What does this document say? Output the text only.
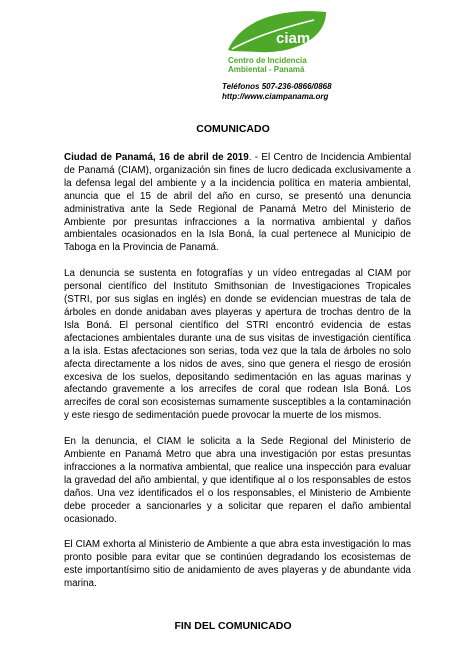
ciam
Centro de Incidencia
Ambiental - Panamá
Teléfonos 507-236-0866/0868
http://www.ciampanama.org
COMUNICADO

Ciudad de Panamá, 16 de abril de 2019. - El Centro de Incidencia Ambiental de Panamá (CIAM), organización sin fines de lucro dedicada exclusivamente a la defensa legal del ambiente y a la incidencia política en materia ambiental, anuncia que el 15 de abril del año en curso, se presentó una denuncia administrativa ante la Sede Regional de Panamá Metro del Ministerio de Ambiente por presuntas infracciones a la normativa ambiental y daños ambientales ocasionados en la Isla Boná, la cual pertenece al Municipio de Taboga en la Provincia de Panamá.

La denuncia se sustenta en fotografías y un vídeo entregadas al CIAM por personal científico del Instituto Smithsonian de Investigaciones Tropicales (STRI, por sus siglas en inglés) en donde se evidencian muestras de tala de árboles en donde anidaban aves playeras y apertura de trochas dentro de la Isla Boná. El personal científico del STRI encontró evidencia de estas afectaciones ambientales durante una de sus visitas de investigación científica a la isla. Estas afectaciones son serias, toda vez que la tala de árboles no solo afecta directamente a los nidos de aves, sino que genera el riesgo de erosión excesiva de los suelos, depositando sedimentación en las aguas marinas y afectando gravemente a los arrecifes de coral que rodean Isla Boná. Los arrecifes de coral son ecosistemas sumamente susceptibles a la contaminación y este riesgo de sedimentación puede provocar la muerte de los mismos.

En la denuncia, el CIAM le solicita a la Sede Regional del Ministerio de Ambiente en Panamá Metro que abra una investigación por estas presuntas infracciones a la normativa ambiental, que realice una inspección para evaluar la gravedad del año ambiental, y que identifique al o los responsables de estos daños. Una vez identificados el o los responsables, el Ministerio de Ambiente debe proceder a sancionarles y a solicitar que reparen el daño ambiental ocasionado.

El CIAM exhorta al Ministerio de Ambiente a que abra esta investigación lo mas pronto posible para evitar que se continúen degradando los ecosistemas de este importantísimo sitio de anidamiento de aves playeras y de abundante vida marina.

FIN DEL COMUNICADO
